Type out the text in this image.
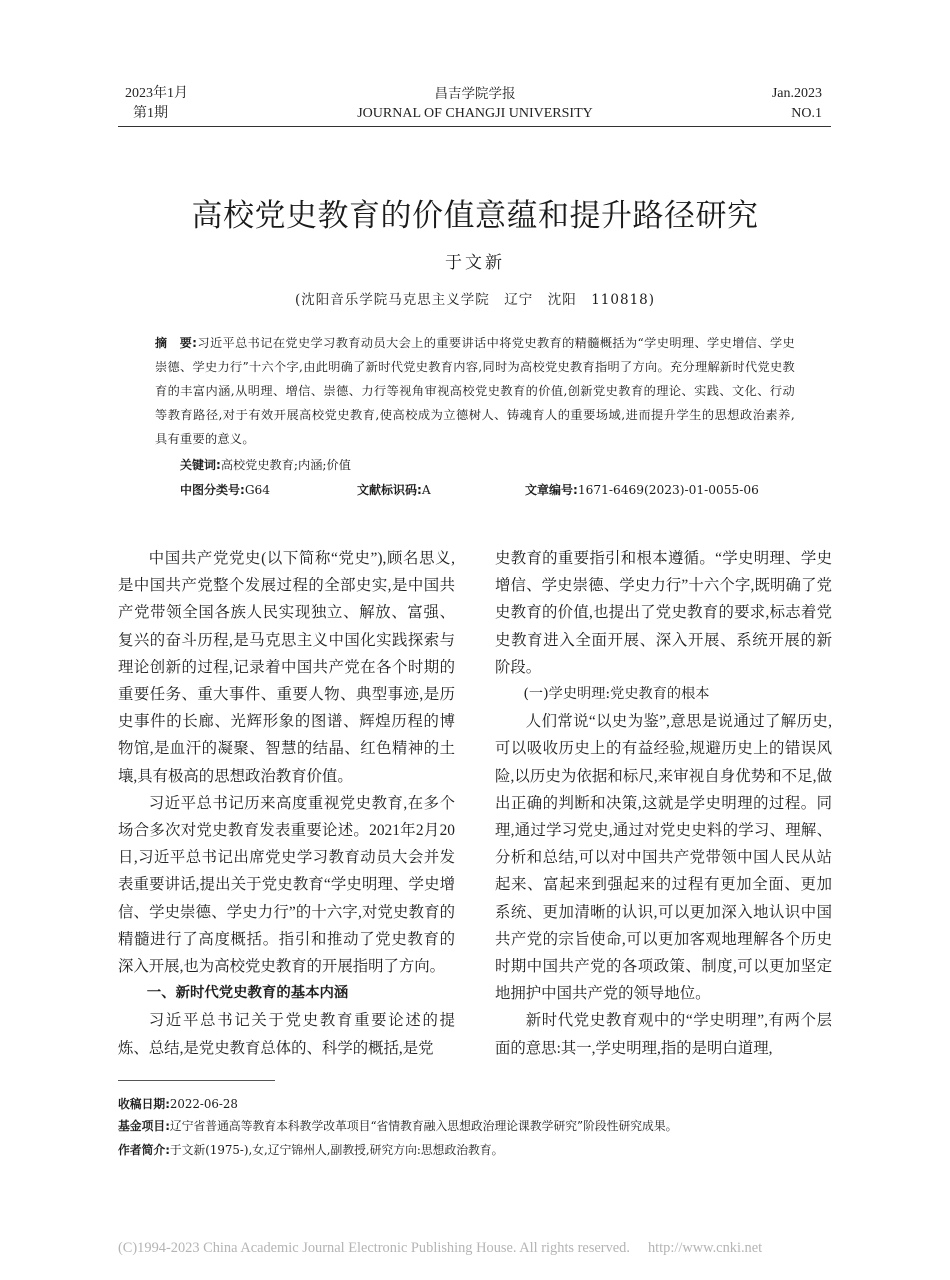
2023年1月
第1期
昌吉学院学报
JOURNAL OF CHANGJI UNIVERSITY
Jan.2023
NO.1
高校党史教育的价值意蕴和提升路径研究
于文新
(沈阳音乐学院马克思主义学院　辽宁　沈阳　110818)
摘　要:习近平总书记在党史学习教育动员大会上的重要讲话中将党史教育的精髓概括为“学史明理、学史增信、学史崇德、学史力行”十六个字,由此明确了新时代党史教育内容,同时为高校党史教育指明了方向。充分理解新时代党史教育的丰富内涵,从明理、增信、崇德、力行等视角审视高校党史教育的价值,创新党史教育的理论、实践、文化、行动等教育路径,对于有效开展高校党史教育,使高校成为立德树人、铸魂育人的重要场域,进而提升学生的思想政治素养,具有重要的意义。
关键词:高校党史教育;内涵;价值
中图分类号:G64	文献标识码:A	文章编号:1671-6469(2023)-01-0055-06

中国共产党党史(以下简称“党史”),顾名思义,是中国共产党整个发展过程的全部史实,是中国共产党带领全国各族人民实现独立、解放、富强、复兴的奋斗历程,是马克思主义中国化实践探索与理论创新的过程,记录着中国共产党在各个时期的重要任务、重大事件、重要人物、典型事迹,是历史事件的长廊、光辉形象的图谱、辉煌历程的博物馆,是血汗的凝聚、智慧的结晶、红色精神的土壤,具有极高的思想政治教育价值。

习近平总书记历来高度重视党史教育,在多个场合多次对党史教育发表重要论述。2021年2月20日,习近平总书记出席党史学习教育动员大会并发表重要讲话,提出关于党史教育“学史明理、学史增信、学史崇德、学史力行”的十六字,对党史教育的精髓进行了高度概括。指引和推动了党史教育的深入开展,也为高校党史教育的开展指明了方向。

一、新时代党史教育的基本内涵

习近平总书记关于党史教育重要论述的提炼、总结,是党史教育总体的、科学的概括,是党

史教育的重要指引和根本遵循。“学史明理、学史增信、学史崇德、学史力行”十六个字,既明确了党史教育的价值,也提出了党史教育的要求,标志着党史教育进入全面开展、深入开展、系统开展的新阶段。

(一)学史明理:党史教育的根本

人们常说“以史为鉴”,意思是说通过了解历史,可以吸收历史上的有益经验,规避历史上的错误风险,以历史为依据和标尺,来审视自身优势和不足,做出正确的判断和决策,这就是学史明理的过程。同理,通过学习党史,通过对党史史料的学习、理解、分析和总结,可以对中国共产党带领中国人民从站起来、富起来到强起来的过程有更加全面、更加系统、更加清晰的认识,可以更加深入地认识中国共产党的宗旨使命,可以更加客观地理解各个历史时期中国共产党的各项政策、制度,可以更加坚定地拥护中国共产党的领导地位。

新时代党史教育观中的“学史明理”,有两个层面的意思:其一,学史明理,指的是明白道理,

收稿日期:2022-06-28
基金项目:辽宁省普通高等教育本科教学改革项目“省情教育融入思想政治理论课教学研究”阶段性研究成果。
作者简介:于文新(1975-),女,辽宁锦州人,副教授,研究方向:思想政治教育。
(C)1994-2023 China Academic Journal Electronic Publishing House. All rights reserved.　 http://www.cnki.net
